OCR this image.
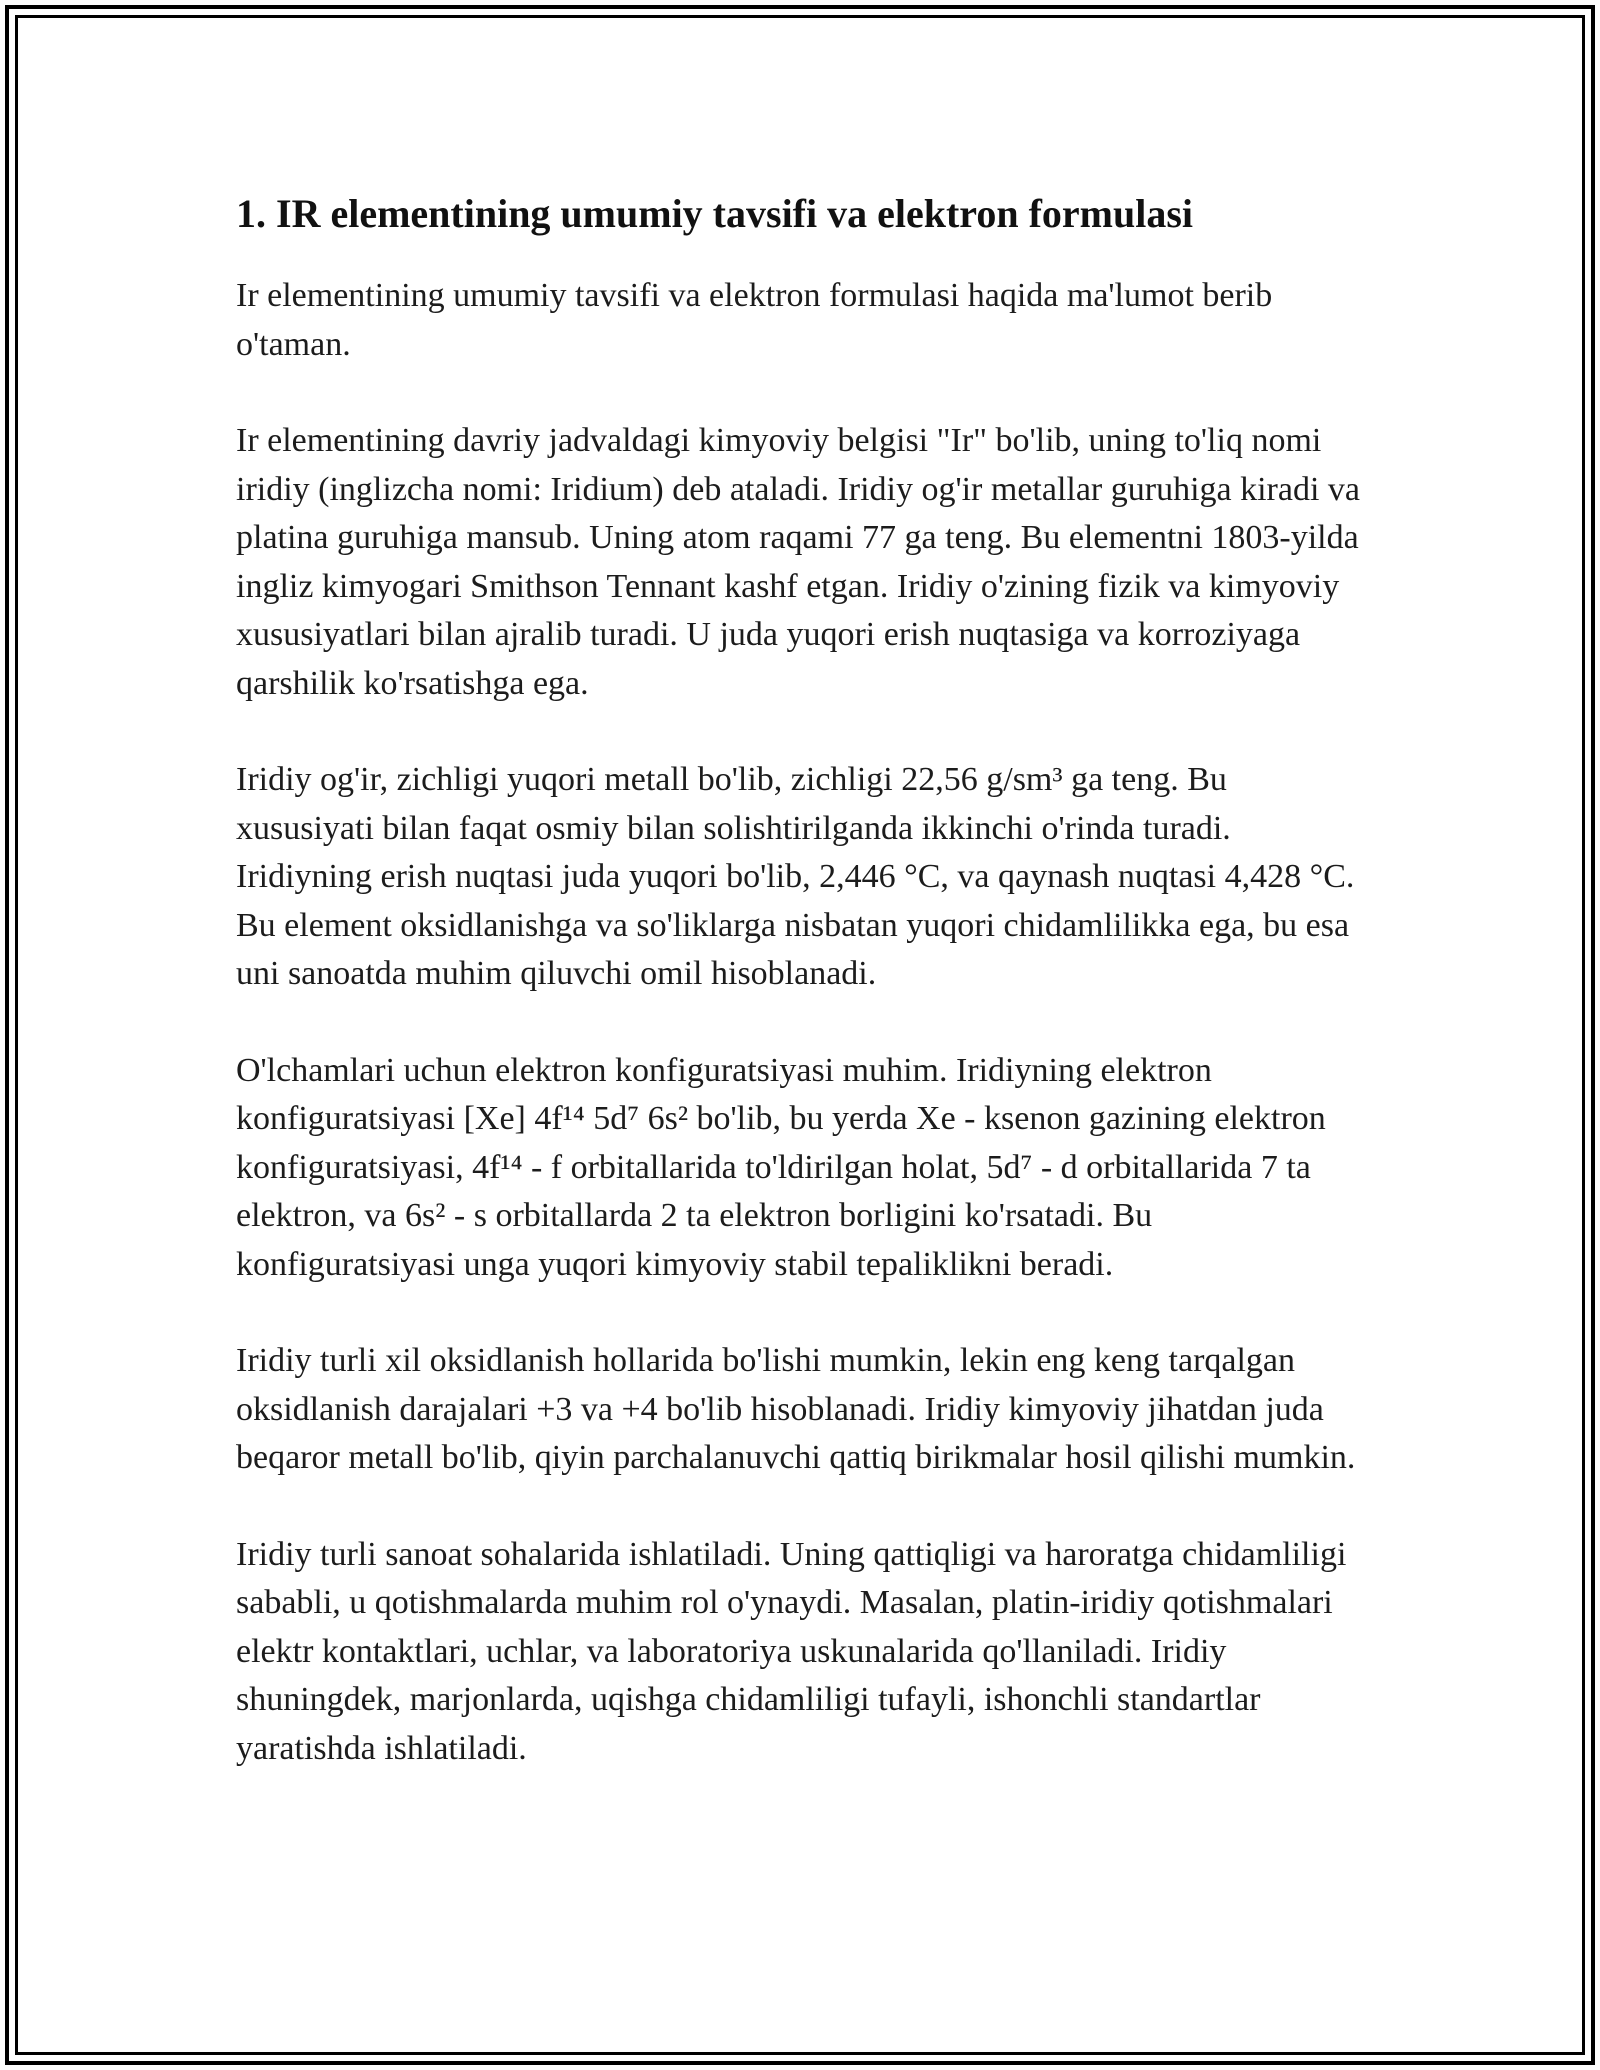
1. IR elementining umumiy tavsifi va elektron formulasi

Ir elementining umumiy tavsifi va elektron formulasi haqida ma'lumot berib o'taman.

Ir elementining davriy jadvaldagi kimyoviy belgisi "Ir" bo'lib, uning to'liq nomi iridiy (inglizcha nomi: Iridium) deb ataladi. Iridiy og'ir metallar guruhiga kiradi va platina guruhiga mansub. Uning atom raqami 77 ga teng. Bu elementni 1803-yilda ingliz kimyogari Smithson Tennant kashf etgan. Iridiy o'zining fizik va kimyoviy xususiyatlari bilan ajralib turadi. U juda yuqori erish nuqtasiga va korroziyaga qarshilik ko'rsatishga ega.

Iridiy og'ir, zichligi yuqori metall bo'lib, zichligi 22,56 g/sm³ ga teng. Bu xususiyati bilan faqat osmiy bilan solishtirilganda ikkinchi o'rinda turadi. Iridiyning erish nuqtasi juda yuqori bo'lib, 2,446 °C, va qaynash nuqtasi 4,428 °C. Bu element oksidlanishga va so'liklarga nisbatan yuqori chidamlilikka ega, bu esa uni sanoatda muhim qiluvchi omil hisoblanadi.

O'lchamlari uchun elektron konfiguratsiyasi muhim. Iridiyning elektron konfiguratsiyasi [Xe] 4f¹⁴ 5d⁷ 6s² bo'lib, bu yerda Xe - ksenon gazining elektron konfiguratsiyasi, 4f¹⁴ - f orbitallarida to'ldirilgan holat, 5d⁷ - d orbitallarida 7 ta elektron, va 6s² - s orbitallarda 2 ta elektron borligini ko'rsatadi. Bu konfiguratsiyasi unga yuqori kimyoviy stabil tepaliklikni beradi.

Iridiy turli xil oksidlanish hollarida bo'lishi mumkin, lekin eng keng tarqalgan oksidlanish darajalari +3 va +4 bo'lib hisoblanadi. Iridiy kimyoviy jihatdan juda beqaror metall bo'lib, qiyin parchalanuvchi qattiq birikmalar hosil qilishi mumkin.

Iridiy turli sanoat sohalarida ishlatiladi. Uning qattiqligi va haroratga chidamliligi sababli, u qotishmalarda muhim rol o'ynaydi. Masalan, platin-iridiy qotishmalari elektr kontaktlari, uchlar, va laboratoriya uskunalarida qo'llaniladi. Iridiy shuningdek, marjonlarda, uqishga chidamliligi tufayli, ishonchli standartlar yaratishda ishlatiladi.
